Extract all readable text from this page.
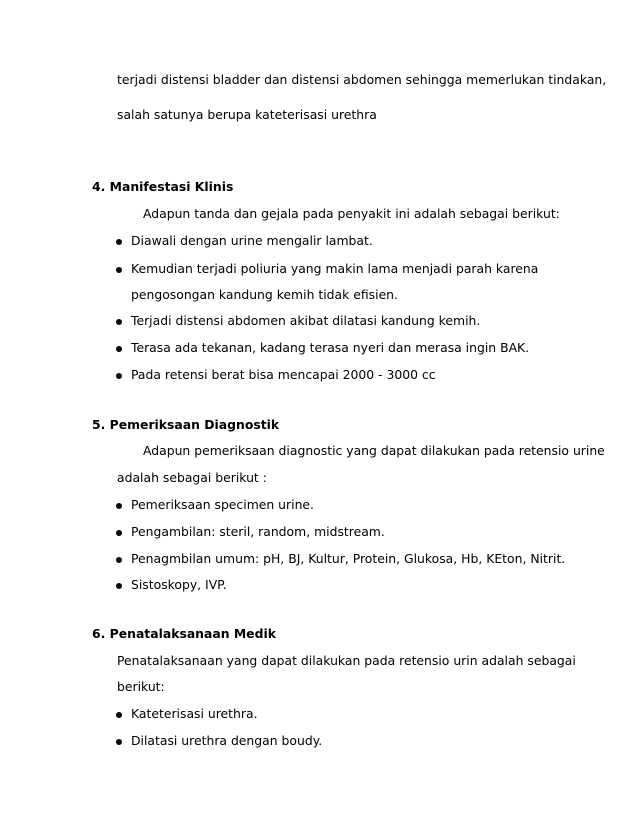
terjadi distensi bladder dan distensi abdomen sehingga memerlukan tindakan,
salah satunya berupa kateterisasi urethra
4. Manifestasi Klinis
Adapun tanda dan gejala pada penyakit ini adalah sebagai berikut:
Diawali dengan urine mengalir lambat.
Kemudian terjadi poliuria yang makin lama menjadi parah karena
pengosongan kandung kemih tidak efisien.
Terjadi distensi abdomen akibat dilatasi kandung kemih.
Terasa ada tekanan, kadang terasa nyeri dan merasa ingin BAK.
Pada retensi berat bisa mencapai 2000 - 3000 cc
5. Pemeriksaan Diagnostik
Adapun pemeriksaan diagnostic yang dapat dilakukan pada retensio urine
adalah sebagai berikut :
Pemeriksaan specimen urine.
Pengambilan: steril, random, midstream.
Penagmbilan umum: pH, BJ, Kultur, Protein, Glukosa, Hb, KEton, Nitrit.
Sistoskopy, IVP.
6. Penatalaksanaan Medik
Penatalaksanaan yang dapat dilakukan pada retensio urin adalah sebagai
berikut:
Kateterisasi urethra.
Dilatasi urethra dengan boudy.
